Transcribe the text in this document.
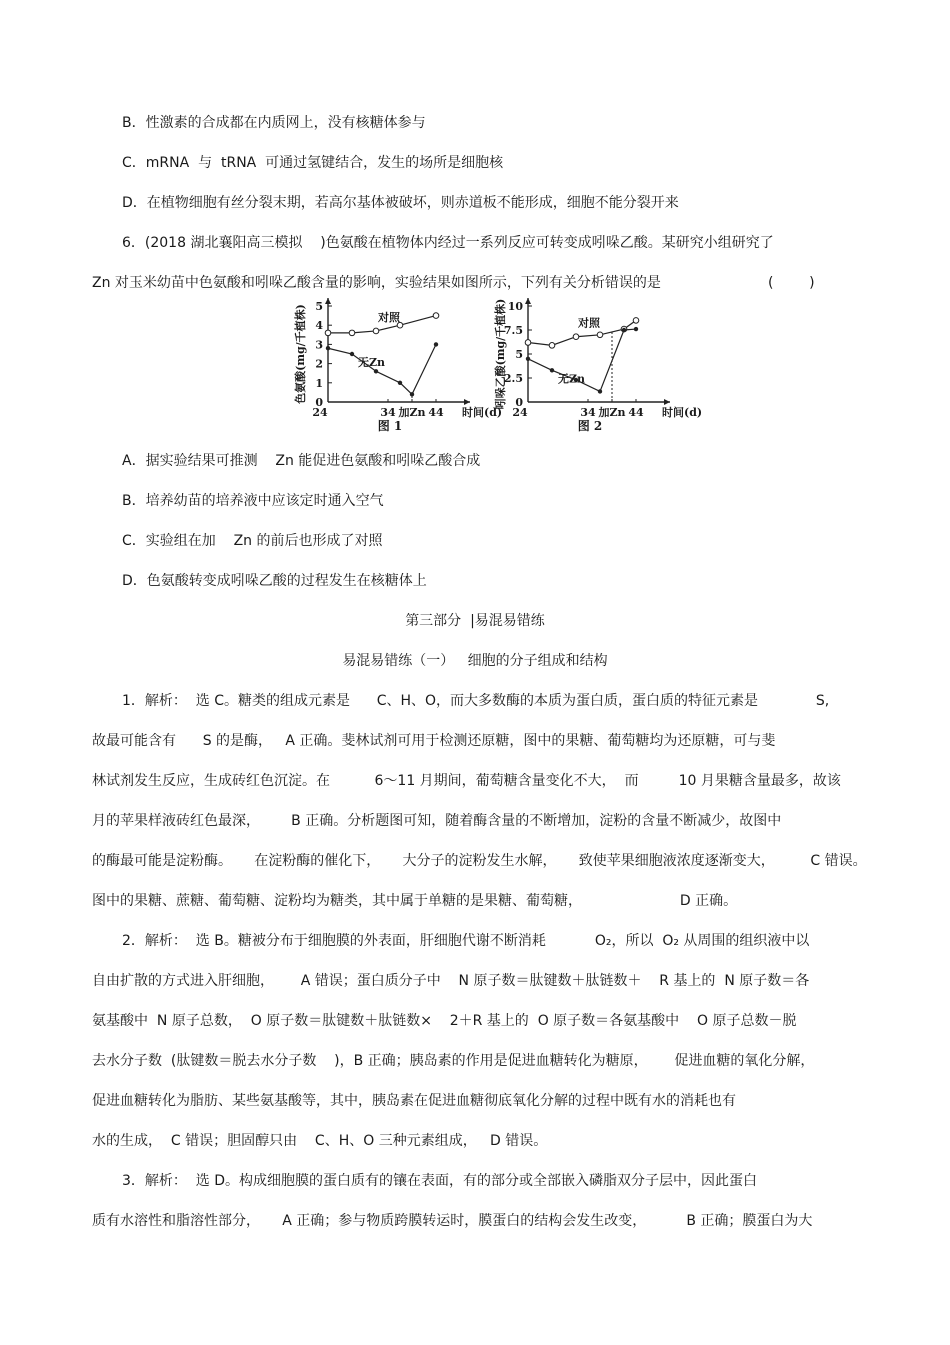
B．性激素的合成都在内质网上，没有核糖体参与
C．mRNA  与  tRNA  可通过氢键结合，发生的场所是细胞核
D．在植物细胞有丝分裂末期，若高尔基体被破坏，则赤道板不能形成，细胞不能分裂开来
6．(2018 湖北襄阳高三模拟    )色氨酸在植物体内经过一系列反应可转变成吲哚乙酸。某研究小组研究了
Zn 对玉米幼苗中色氨酸和吲哚乙酸含量的影响，实验结果如图所示，下列有关分析错误的是	(        )
0
1
2
3
4
5
24	34 加Zn 44 时间(d)
色氨酸(mg/千植株)
图 1
对照
无Zn
0
2.5
5
7.5
10
24	34 加Zn 44 时间(d)
吲哚乙酸(mg/千植株)
图 2
对照
无Zn
A．据实验结果可推测    Zn 能促进色氨酸和吲哚乙酸合成
B．培养幼苗的培养液中应该定时通入空气
C．实验组在加    Zn 的前后也形成了对照
D．色氨酸转变成吲哚乙酸的过程发生在核糖体上
第三部分  |易混易错练
易混易错练（一）   细胞的分子组成和结构
1．解析：  选 C。糖类的组成元素是      C、H、O，而大多数酶的本质为蛋白质，蛋白质的特征元素是             S,
故最可能含有      S 的是酶，   A 正确。斐林试剂可用于检测还原糖，图中的果糖、葡萄糖均为还原糖，可与斐
林试剂发生反应，生成砖红色沉淀。在          6～11 月期间，葡萄糖含量变化不大，  而         10 月果糖含量最多，故该
月的苹果样液砖红色最深，       B 正确。分析题图可知，随着酶含量的不断增加，淀粉的含量不断减少，故图中
的酶最可能是淀粉酶。     在淀粉酶的催化下，     大分子的淀粉发生水解，     致使苹果细胞液浓度逐渐变大，        C 错误。
图中的果糖、蔗糖、葡萄糖、淀粉均为糖类，其中属于单糖的是果糖、葡萄糖，                      D 正确。
2．解析：  选 B。糖被分布于细胞膜的外表面，肝细胞代谢不断消耗           O₂，所以  O₂ 从周围的组织液中以
自由扩散的方式进入肝细胞，      A 错误；蛋白质分子中    N 原子数＝肽键数＋肽链数＋    R 基上的  N 原子数＝各
氨基酸中  N 原子总数，  O 原子数＝肽键数＋肽链数×    2＋R 基上的  O 原子数＝各氨基酸中    O 原子总数－脱
去水分子数  (肽键数＝脱去水分子数    )，B 正确；胰岛素的作用是促进血糖转化为糖原，      促进血糖的氧化分解，
促进血糖转化为脂肪、某些氨基酸等，其中，胰岛素在促进血糖彻底氧化分解的过程中既有水的消耗也有
水的生成，  C 错误；胆固醇只由    C、H、O 三种元素组成，   D 错误。
3．解析：  选 D。构成细胞膜的蛋白质有的镶在表面，有的部分或全部嵌入磷脂双分子层中，因此蛋白
质有水溶性和脂溶性部分，     A 正确；参与物质跨膜转运时，膜蛋白的结构会发生改变，         B 正确；膜蛋白为大
